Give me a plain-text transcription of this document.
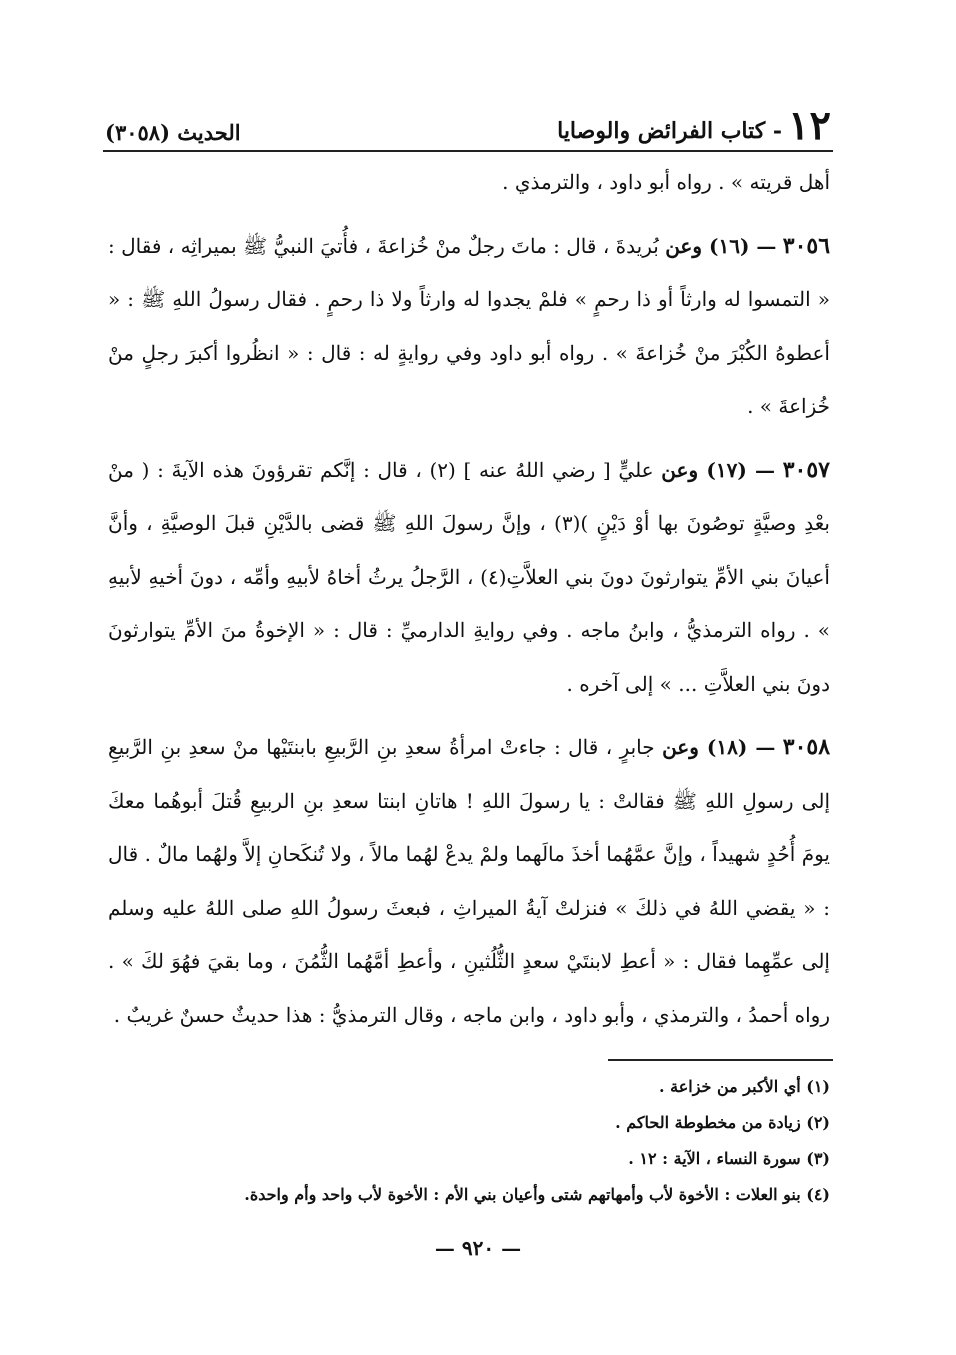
١٢
- كتاب الفرائض والوصايا
الحديث (٣٠٥٨)

أهل قريته » . رواه أبو داود ، والترمذي .

٣٠٥٦ — (١٦) وعن بُريدةَ ، قال : ماتَ رجلٌ منْ خُزاعةَ ، فأُتيَ النبيُّ ﷺ بميراثِه ، فقال : « التمسوا له وارثاً أو ذا رحمٍ » فلمْ يجدوا له وارثاً ولا ذا رحمٍ . فقال رسولُ اللهِ ﷺ : « أعطوهُ الكُبْرَ منْ خُزاعةَ » . رواه أبو داود وفي روايةٍ له : قال : « انظُروا أكبرَ رجلٍ منْ خُزاعةَ » .

٣٠٥٧ — (١٧) وعن عليٍّ [ رضي اللهُ عنه ] (٢) ، قال : إنَّكم تقرؤونَ هذه الآيةَ : ( منْ بعْدِ وصيَّةٍ توصُونَ بها أوْ دَيْنٍ )(٣) ، وإنَّ رسولَ اللهِ ﷺ قضى بالدَّيْنِ قبلَ الوصيَّةِ ، وأنَّ أعيانَ بني الأمِّ يتوارثونَ دونَ بني العلاَّتِ(٤) ، الرَّجلُ يرثُ أخاهُ لأبيهِ وأمِّه ، دونَ أخيهِ لأبيهِ » . رواه الترمذيُّ ، وابنُ ماجه . وفي روايةِ الدارميِّ : قال : « الإخوةُ منَ الأمِّ يتوارثونَ دونَ بني العلاَّتِ ... » إلى آخره .

٣٠٥٨ — (١٨) وعن جابرٍ ، قال : جاءتْ امرأةُ سعدِ بنِ الرَّبيعِ بابنتَيْها منْ سعدِ بنِ الرَّبيعِ إلى رسولِ اللهِ ﷺ فقالتْ : يا رسولَ اللهِ ! هاتانِ ابنتا سعدِ بنِ الربيعِ قُتلَ أبوهُما معكَ يومَ أُحُدٍ شهيداً ، وإنَّ عمَّهُما أخذَ مالَهما ولمْ يدعْ لهُما مالاً ، ولا تُنكَحانِ إلاَّ ولهُما مالٌ . قال : « يقضي اللهُ في ذلكَ » فنزلتْ آيةُ الميراثِ ، فبعثَ رسولُ اللهِ صلى اللهُ عليه وسلم إلى عمِّهِما فقال : « أعطِ لابنتَيْ سعدٍ الثُّلُثينِ ، وأعطِ أمَّهُما الثُّمُنَ ، وما بقيَ فهُوَ لكَ » . رواه أحمدُ ، والترمذي ، وأبو داود ، وابن ماجه ، وقال الترمذيُّ : هذا حديثٌ حسنٌ غريبٌ .

(١) أي الأكبر من خزاعة .

(٢) زيادة من مخطوطة الحاكم .

(٣) سورة النساء ، الآية : ١٢ .

(٤) بنو العلات : الأخوة لأب وأمهاتهم شتى وأعيان بني الأم : الأخوة لأب واحد وأم واحدة.

— ٩٢٠ —
